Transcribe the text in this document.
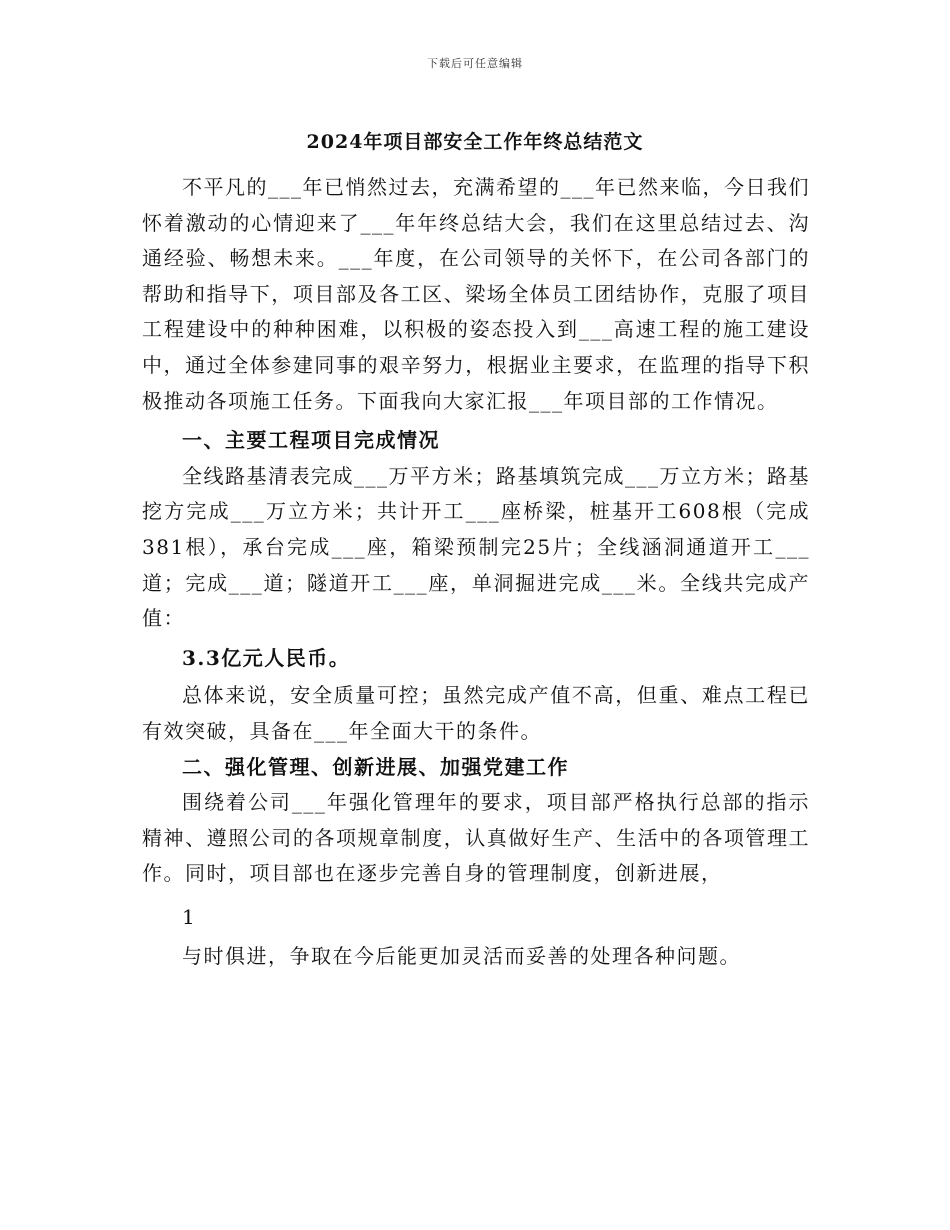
下载后可任意编辑
2024年项目部安全工作年终总结范文

不平凡的___年已悄然过去，充满希望的___年已然来临，今日我们怀着激动的心情迎来了___年年终总结大会，我们在这里总结过去、沟通经验、畅想未来。___年度，在公司领导的关怀下，在公司各部门的帮助和指导下，项目部及各工区、梁场全体员工团结协作，克服了项目工程建设中的种种困难，以积极的姿态投入到___高速工程的施工建设中，通过全体参建同事的艰辛努力，根据业主要求，在监理的指导下积极推动各项施工任务。下面我向大家汇报___年项目部的工作情况。

一、主要工程项目完成情况

全线路基清表完成___万平方米；路基填筑完成___万立方米；路基挖方完成___万立方米；共计开工___座桥梁，桩基开工608根（完成381根），承台完成___座，箱梁预制完25片；全线涵洞通道开工___道；完成___道；隧道开工___座，单洞掘进完成___米。全线共完成产值：

3.3亿元人民币。

总体来说，安全质量可控；虽然完成产值不高，但重、难点工程已有效突破，具备在___年全面大干的条件。

二、强化管理、创新进展、加强党建工作

围绕着公司___年强化管理年的要求，项目部严格执行总部的指示精神、遵照公司的各项规章制度，认真做好生产、生活中的各项管理工作。同时，项目部也在逐步完善自身的管理制度，创新进展，

1

与时俱进，争取在今后能更加灵活而妥善的处理各种问题。
